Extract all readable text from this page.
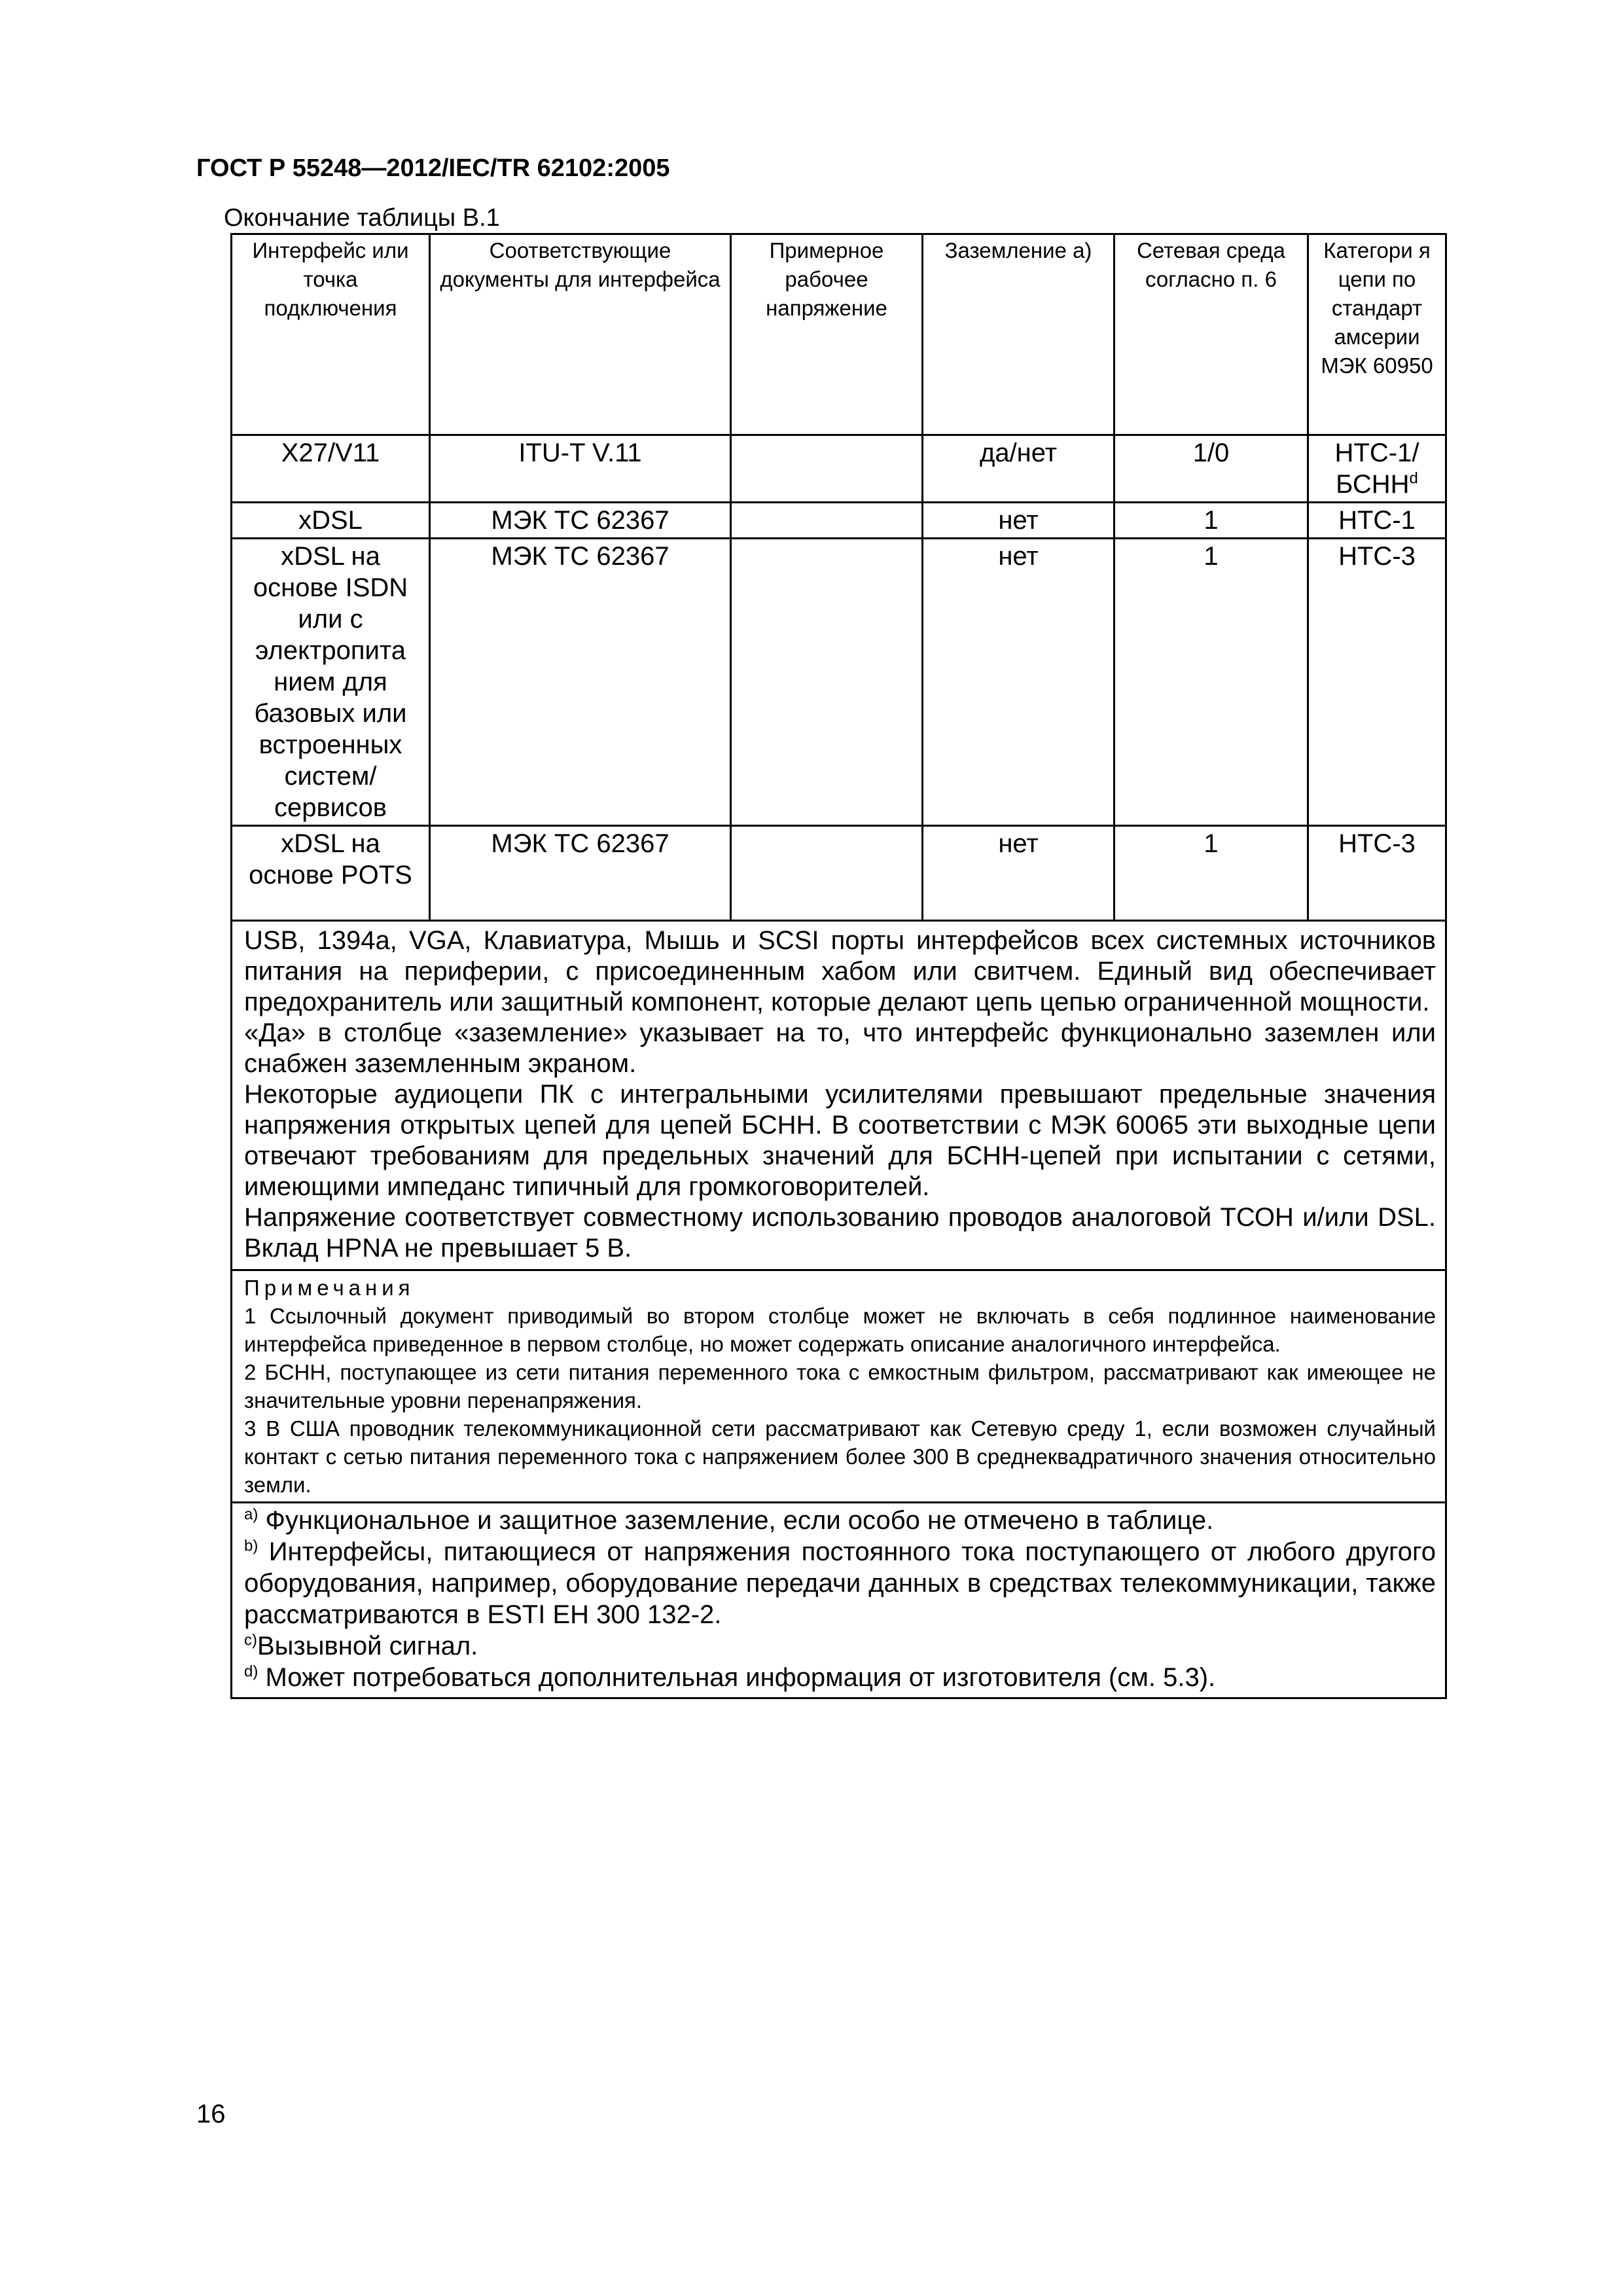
ГОСТ Р 55248—2012/IEC/TR 62102:2005
Окончание таблицы В.1
Интерфейс или точка подключения	Соответствующие документы для интерфейса	Примерное рабочее напряжение	Заземление а)	Сетевая среда согласно п. 6	Категори я цепи по стандарт амсерии МЭК 60950
X27/V11	ITU-T V.11		да/нет	1/0	НТС-1/ БСНН$^d$
xDSL	МЭК ТС 62367		нет	1	НТС-1
xDSL на основе ISDN или с электропита нием для базовых или встроенных систем/ сервисов	МЭК ТС 62367		нет	1	НТС-3
xDSL на основе POTS	МЭК ТС 62367		нет	1	НТС-3

USB, 1394а, VGA, Клавиатура, Мышь и SCSI порты интерфейсов всех системных источников питания на периферии, с присоединенным хабом или свитчем. Единый вид обеспечивает предохранитель или защитный компонент, которые делают цепь цепью ограниченной мощности.

«Да» в столбце «заземление» указывает на то, что интерфейс функционально заземлен или снабжен заземленным экраном.

Некоторые аудиоцепи ПК с интегральными усилителями превышают предельные значения напряжения открытых цепей для цепей БСНН. В соответствии с МЭК 60065 эти выходные цепи отвечают требованиям для предельных значений для БСНН-цепей при испытании с сетями, имеющими импеданс типичный для громкоговорителей.

Напряжение соответствует совместному использованию проводов аналоговой ТСОН и/или DSL. Вклад HPNA не превышает 5 В.					

Примечания

1 Ссылочный документ приводимый во втором столбце может не включать в себя подлинное наименование интерфейса приведенное в первом столбце, но может содержать описание аналогичного интерфейса.

2 БСНН, поступающее из сети питания переменного тока с емкостным фильтром, рассматривают как имеющее не значительные уровни перенапряжения.

3 В США проводник телекоммуникационной сети рассматривают как Сетевую среду 1, если возможен случайный контакт с сетью питания переменного тока с напряжением более 300 В среднеквадратичного значения относительно земли.					

$^{a)}$ Функциональное и защитное заземление, если особо не отмечено в таблице.

$^{b)}$ Интерфейсы, питающиеся от напряжения постоянного тока поступающего от любого другого оборудования, например, оборудование передачи данных в средствах телекоммуникации, также рассматриваются в ESTI ЕН 300 132-2.

$^{c)}$Вызывной сигнал.

$^{d)}$ Может потребоваться дополнительная информация от изготовителя (см. 5.3).					

16
